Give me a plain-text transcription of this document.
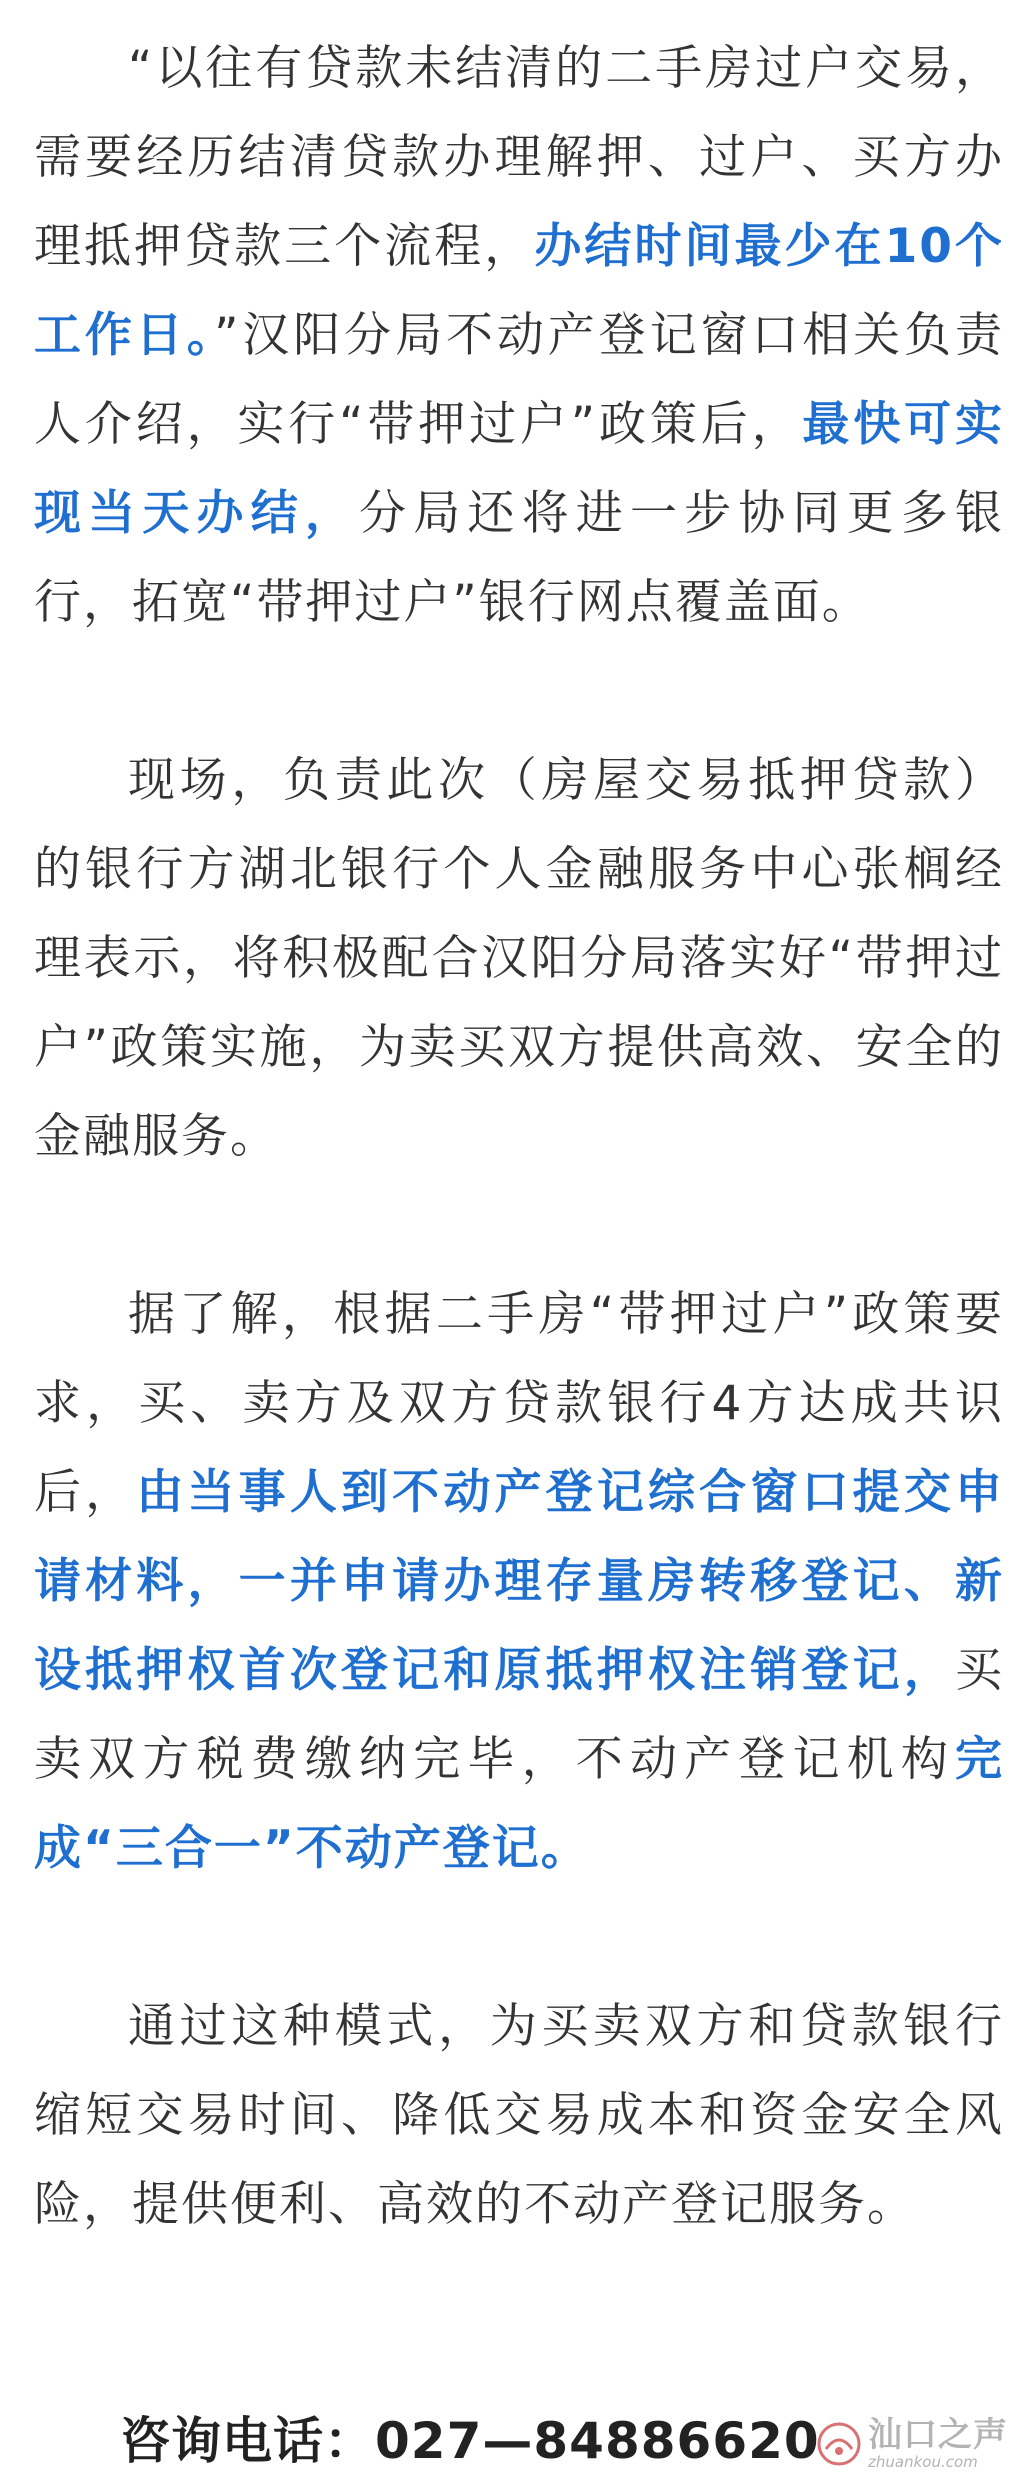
“以往有贷款未结清的二手房过户交易，需要经历结清贷款办理解押、过户、买方办理抵押贷款三个流程，办结时间最少在10个工作日。”汉阳分局不动产登记窗口相关负责人介绍，实行“带押过户”政策后，最快可实现当天办结，分局还将进一步协同更多银行，拓宽“带押过户”银行网点覆盖面。

现场，负责此次（房屋交易抵押贷款）的银行方湖北银行个人金融服务中心张榈经理表示，将积极配合汉阳分局落实好“带押过户”政策实施，为卖买双方提供高效、安全的金融服务。

据了解，根据二手房“带押过户”政策要求，买、卖方及双方贷款银行4方达成共识后，由当事人到不动产登记综合窗口提交申请材料，一并申请办理存量房转移登记、新设抵押权首次登记和原抵押权注销登记，买卖双方税费缴纳完毕，不动产登记机构完成“三合一”不动产登记。

通过这种模式，为买卖双方和贷款银行缩短交易时间、降低交易成本和资金安全风险，提供便利、高效的不动产登记服务。

咨询电话：027—84886620 汕口之声
zhuankou.com
